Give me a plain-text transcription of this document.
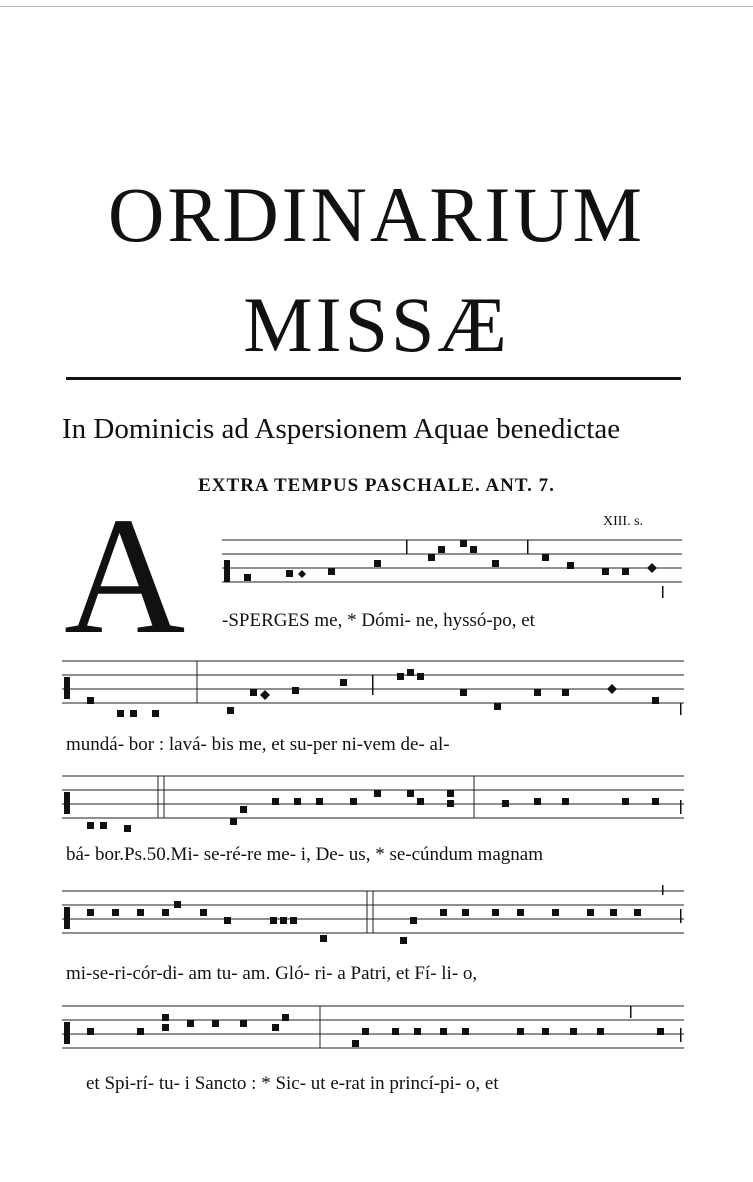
ORDINARIUM
MISSÆ
In Dominicis ad Aspersionem Aquae benedictae
EXTRA TEMPUS PASCHALE. ANT. 7.
XIII. s.
A -SPERGES me, * Dómi- ne, hyssó-po, et
mundá- bor : lavá- bis me, et su-per ni-vem de- al-
bá- bor.Ps.50.Mi- se-ré-re me- i, De- us, * se-cúndum magnam
mi-se-ri-cór-di- am tu- am. Gló- ri- a Patri, et Fí- li- o,
et Spi-rí- tu- i Sancto : * Sic- ut e-rat in princí-pi- o, et
